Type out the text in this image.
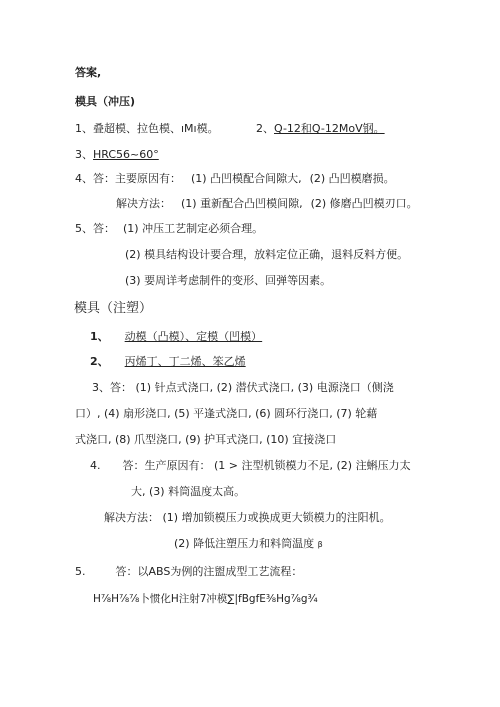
答案,
模具（冲压)
1、叠超模、拉色模、ıMı模。	2、Q-12和Q-12MoV钢。
3、HRC56~60°
4、答：主要原因有： (1) 凸凹模配合间隙大, (2) 凸凹模磨损。
解决方法： (1) 重新配合凸凹模间隙, (2) 修磨凸凹模刃口。
5、答： (1) 冲压工艺制定必须合理。
(2) 模具结构设计要合理，放料定位正确，退料反料方便。
(3) 要周详考虑制件的变形、回弹等因素。
模具（注塑）
1、 动模（凸模）、定模（凹模）
2、 丙烯丁、丁二烯、笨乙烯
3、答： (1) 针点式浇口, (2) 潜伏式浇口, (3) 电源浇口（侧浇
口）, (4) 扇形浇口, (5) 平逢式浇口, (6) 圆环行浇口, (7) 轮藉
式浇口, (8) 爪型浇口, (9) 护耳式浇口, (10) 宜接浇口
4. 答：生产原因有： (1 > 注型机锁模力不足, (2) 注蝌压力太
大, (3) 料筒温度太高。
解决方法： (1) 增加锁模压力或换成更大锁模力的注阳机。
(2) 降低注塑压力和料筒温度 β
5.	答：以ABS为例的注盥成型工艺流程：
H⅞H⅞⅞卜惯化H注射7冲模∑|fBgfE⅜Hg⅞g¾
